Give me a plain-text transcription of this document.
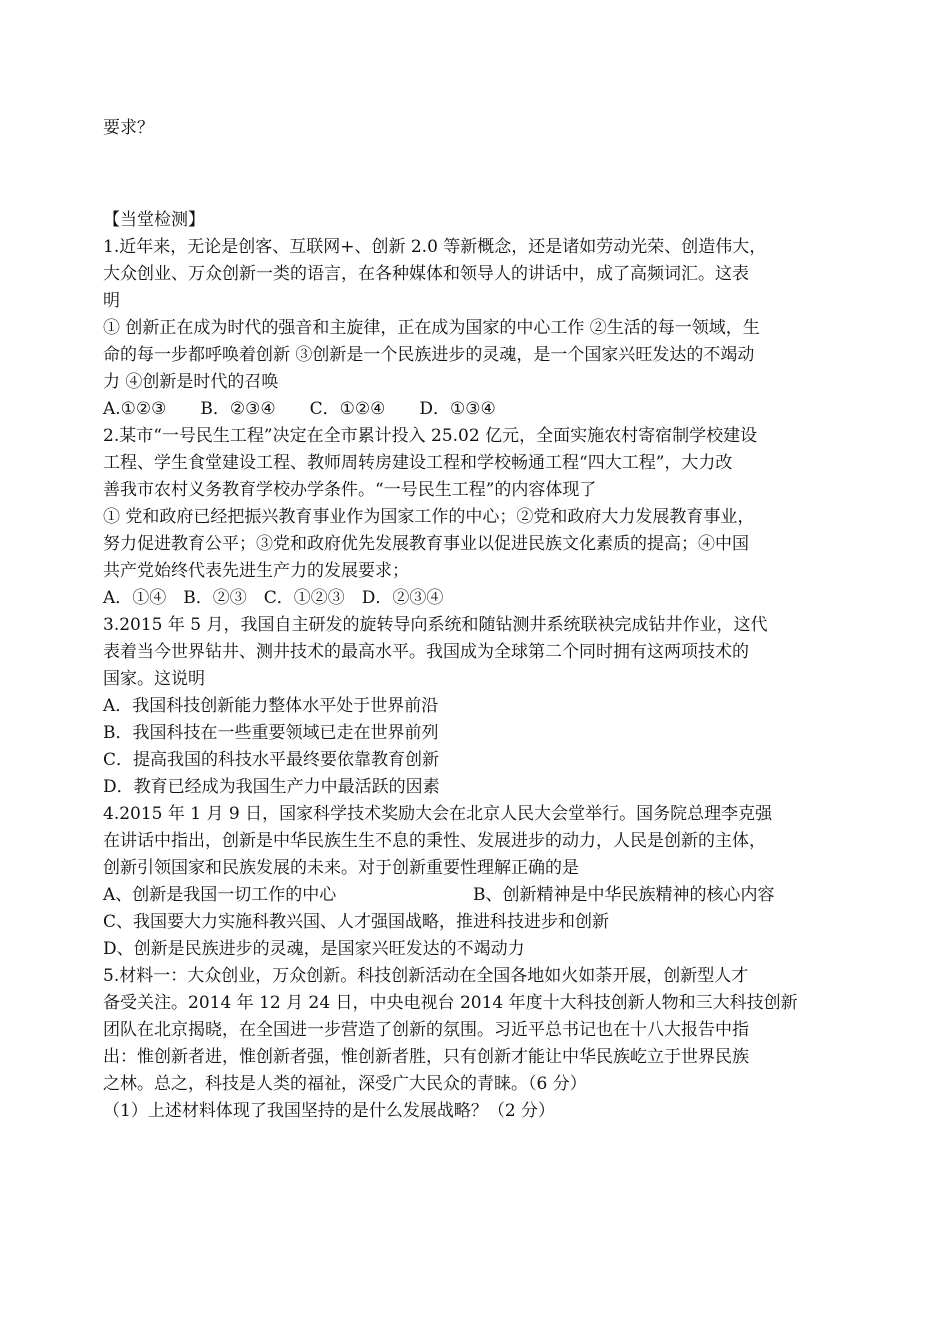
要求？
【当堂检测】
1.近年来，无论是创客、互联网+、创新 2.0 等新概念，还是诸如劳动光荣、创造伟大，
大众创业、万众创新一类的语言，在各种媒体和领导人的讲话中，成了高频词汇。这表
明
① 创新正在成为时代的强音和主旋律，正在成为国家的中心工作 ②生活的每一领域，生
命的每一步都呼唤着创新 ③创新是一个民族进步的灵魂，是一个国家兴旺发达的不竭动
力 ④创新是时代的召唤
A.①②③　　B．②③④　　C．①②④　　D．①③④
2.某市“一号民生工程”决定在全市累计投入 25.02 亿元，全面实施农村寄宿制学校建设
工程、学生食堂建设工程、教师周转房建设工程和学校畅通工程“四大工程”，大力改
善我市农村义务教育学校办学条件。“一号民生工程”的内容体现了
① 党和政府已经把振兴教育事业作为国家工作的中心；②党和政府大力发展教育事业，
努力促进教育公平；③党和政府优先发展教育事业以促进民族文化素质的提高；④中国
共产党始终代表先进生产力的发展要求；
A．①④　B．②③　C．①②③　D．②③④
3.2015 年 5 月，我国自主研发的旋转导向系统和随钻测井系统联袂完成钻井作业，这代
表着当今世界钻井、测井技术的最高水平。我国成为全球第二个同时拥有这两项技术的
国家。这说明
A．我国科技创新能力整体水平处于世界前沿
B．我国科技在一些重要领域已走在世界前列
C．提高我国的科技水平最终要依靠教育创新
D．教育已经成为我国生产力中最活跃的因素
4.2015 年 1 月 9 日，国家科学技术奖励大会在北京人民大会堂举行。国务院总理李克强
在讲话中指出，创新是中华民族生生不息的秉性、发展进步的动力，人民是创新的主体，
创新引领国家和民族发展的未来。对于创新重要性理解正确的是
A、创新是我国一切工作的中心	B、创新精神是中华民族精神的核心内容
C、我国要大力实施科教兴国、人才强国战略，推进科技进步和创新
D、创新是民族进步的灵魂，是国家兴旺发达的不竭动力
5.材料一：大众创业，万众创新。科技创新活动在全国各地如火如荼开展，创新型人才
备受关注。2014 年 12 月 24 日，中央电视台 2014 年度十大科技创新人物和三大科技创新
团队在北京揭晓，在全国进一步营造了创新的氛围。习近平总书记也在十八大报告中指
出：惟创新者进，惟创新者强，惟创新者胜，只有创新才能让中华民族屹立于世界民族
之林。总之，科技是人类的福祉，深受广大民众的青睐。（6 分）
（1）上述材料体现了我国坚持的是什么发展战略？（2 分）
